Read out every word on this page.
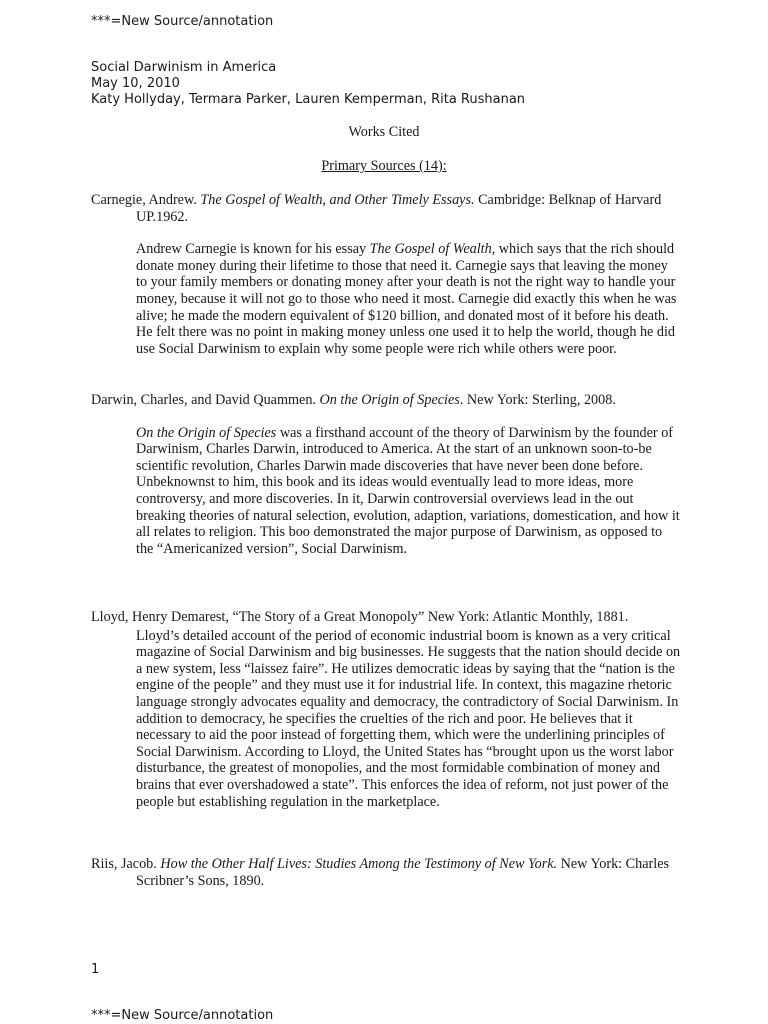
***=New Source/annotation
Social Darwinism in America
May 10, 2010
Katy Hollyday, Termara Parker, Lauren Kemperman, Rita Rushanan
Works Cited
Primary Sources (14):

Carnegie, Andrew. The Gospel of Wealth, and Other Timely Essays. Cambridge: Belknap of Harvard UP.1962.

Andrew Carnegie is known for his essay The Gospel of Wealth, which says that the rich should donate money during their lifetime to those that need it. Carnegie says that leaving the money to your family members or donating money after your death is not the right way to handle your money, because it will not go to those who need it most. Carnegie did exactly this when he was alive; he made the modern equivalent of $120 billion, and donated most of it before his death. He felt there was no point in making money unless one used it to help the world, though he did use Social Darwinism to explain why some people were rich while others were poor.

Darwin, Charles, and David Quammen. On the Origin of Species. New York: Sterling, 2008.

On the Origin of Species was a firsthand account of the theory of Darwinism by the founder of Darwinism, Charles Darwin, introduced to America. At the start of an unknown soon-to-be scientific revolution, Charles Darwin made discoveries that have never been done before. Unbeknownst to him, this book and its ideas would eventually lead to more ideas, more controversy, and more discoveries. In it, Darwin controversial overviews lead in the out breaking theories of natural selection, evolution, adaption, variations, domestication, and how it all relates to religion. This boo demonstrated the major purpose of Darwinism, as opposed to the “Americanized version”, Social Darwinism.

Lloyd, Henry Demarest, “The Story of a Great Monopoly” New York: Atlantic Monthly, 1881.

Lloyd’s detailed account of the period of economic industrial boom is known as a very critical magazine of Social Darwinism and big businesses. He suggests that the nation should decide on a new system, less “laissez faire”. He utilizes democratic ideas by saying that the “nation is the engine of the people” and they must use it for industrial life. In context, this magazine rhetoric language strongly advocates equality and democracy, the contradictory of Social Darwinism. In addition to democracy, he specifies the cruelties of the rich and poor. He believes that it necessary to aid the poor instead of forgetting them, which were the underlining principles of Social Darwinism. According to Lloyd, the United States has “brought upon us the worst labor disturbance, the greatest of monopolies, and the most formidable combination of money and brains that ever overshadowed a state”. This enforces the idea of reform, not just power of the people but establishing regulation in the marketplace.

Riis, Jacob. How the Other Half Lives: Studies Among the Testimony of New York. New York: Charles Scribner’s Sons, 1890.

1
***=New Source/annotation
